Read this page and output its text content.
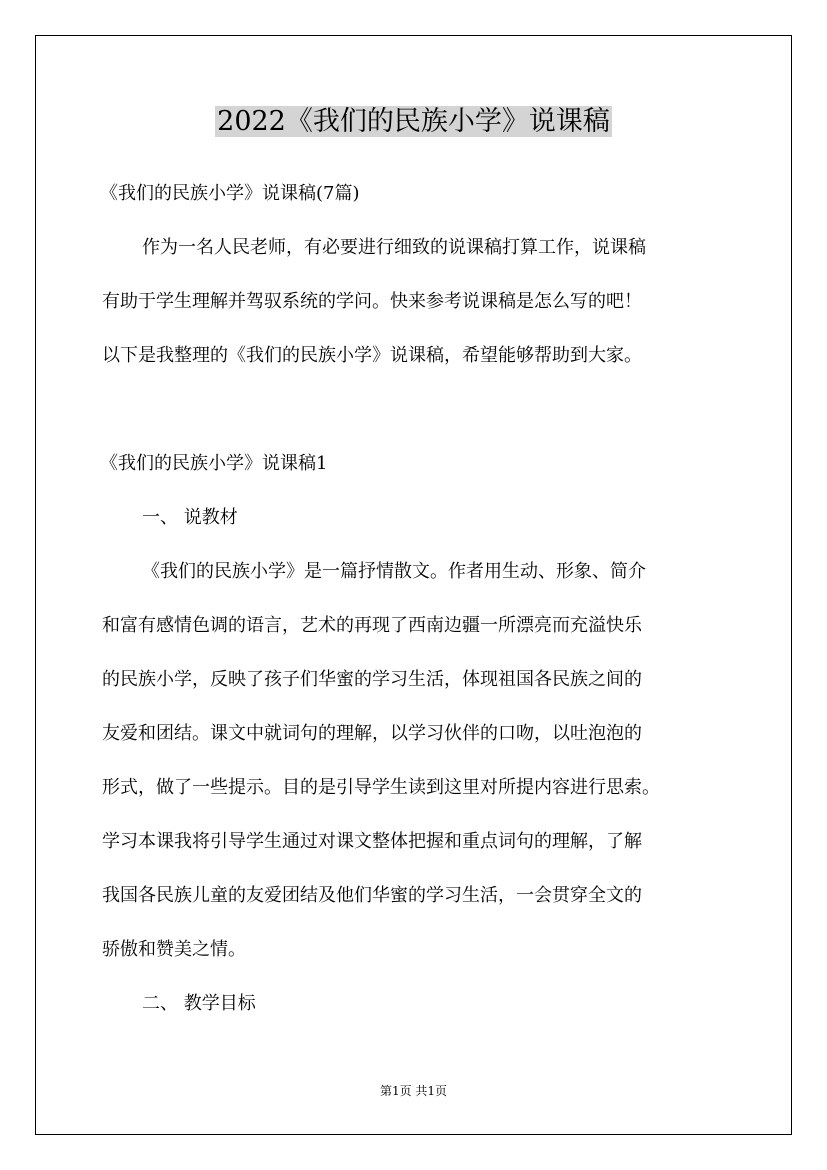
2022《我们的民族小学》说课稿
《我们的民族小学》说课稿(7篇)
作为一名人民老师，有必要进行细致的说课稿打算工作，说课稿
有助于学生理解并驾驭系统的学问。快来参考说课稿是怎么写的吧！
以下是我整理的《我们的民族小学》说课稿，希望能够帮助到大家。
《我们的民族小学》说课稿1
一、 说教材
《我们的民族小学》是一篇抒情散文。作者用生动、形象、简介
和富有感情色调的语言，艺术的再现了西南边疆一所漂亮而充溢快乐
的民族小学，反映了孩子们华蜜的学习生活，体现祖国各民族之间的
友爱和团结。课文中就词句的理解，以学习伙伴的口吻，以吐泡泡的
形式，做了一些提示。目的是引导学生读到这里对所提内容进行思索。
学习本课我将引导学生通过对课文整体把握和重点词句的理解，了解
我国各民族儿童的友爱团结及他们华蜜的学习生活，一会贯穿全文的
骄傲和赞美之情。
二、 教学目标
第1页 共1页
